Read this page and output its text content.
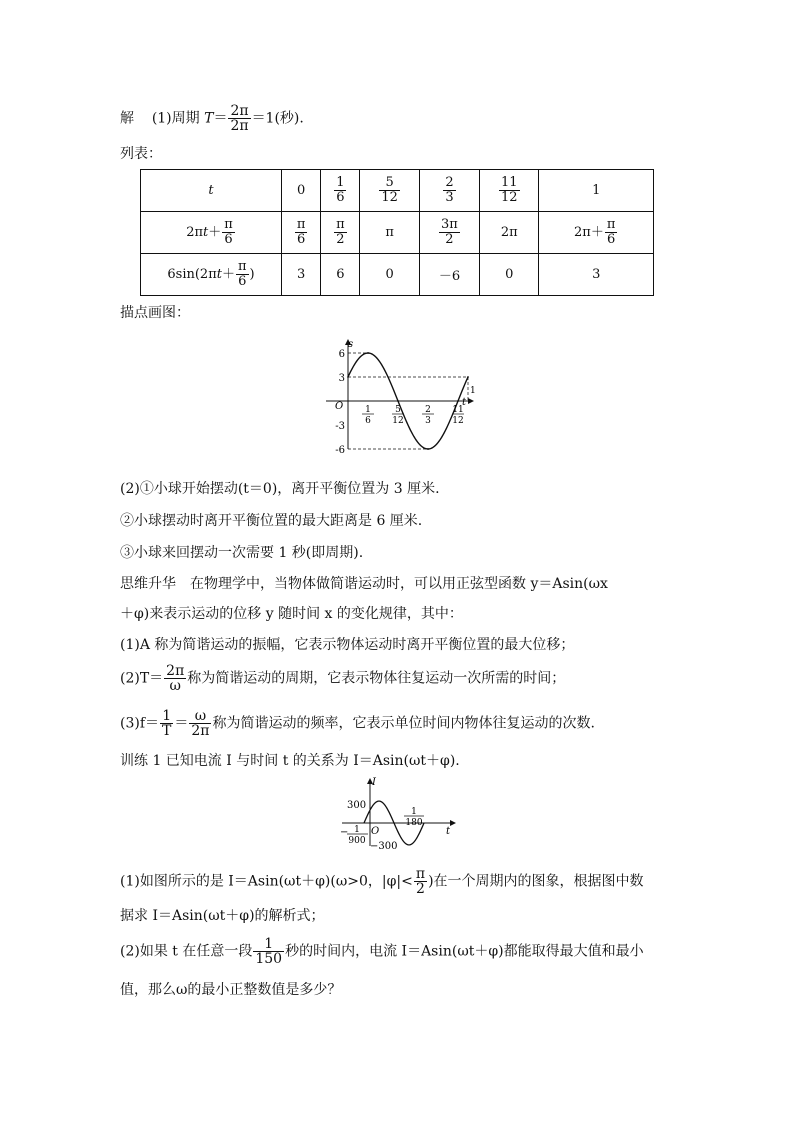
解 (1)周期 $T= \frac{2\pi}{2\pi} =1$(秒).
列表：
t	0	$\frac{1}{6}$	$\frac{5}{12}$	$\frac{2}{3}$	$\frac{11}{12}$	1
$2\pi t+ \frac{\pi}{6}$	$\frac{\pi}{6}$	$\frac{\pi}{2}$	π	$\frac{3\pi}{2}$	2π	$2\pi+ \frac{\pi}{6}$

$6\sin(2\pi t+ \frac{\pi}{6}$ )	3	6	0	－6	0	3
描点画图：
s
t
O
6
3
-3
-6
1
6
5
12
2
3
11
12
1
(2)①小球开始摆动(t＝0)，离开平衡位置为 3 厘米.
②小球摆动时离开平衡位置的最大距离是 6 厘米.
③小球来回摆动一次需要 1 秒(即周期).
思维升华　在物理学中，当物体做简谐运动时，可以用正弦型函数 y＝Asin(ωx
＋φ)来表示运动的位移 y 随时间 x 的变化规律，其中：
(1)A 称为简谐运动的振幅，它表示物体运动时离开平衡位置的最大位移；
$(2)T= \frac{2\pi}{\omega}$ 称为简谐运动的周期，它表示物体往复运动一次所需的时间；
$(3)f= \frac{1}{T} = \frac{\omega}{2\pi}$ 称为简谐运动的频率，它表示单位时间内物体往复运动的次数.
训练 1 已知电流 I 与时间 t 的关系为 I＝Asin(ωt＋φ).
I
t
O
300
−300
− 1
900
1
180
(1)如图所示的是 I＝Asin(ωt＋φ)(ω>0，$|\varphi|< \frac{\pi}{2}$ )在一个周期内的图象，根据图中数
据求 I＝Asin(ωt＋φ)的解析式；
(2)如果 t 在任意一段 $\frac{1}{150}$ 秒的时间内，电流 I＝Asin(ωt＋φ)都能取得最大值和最小
值，那么ω的最小正整数值是多少？
